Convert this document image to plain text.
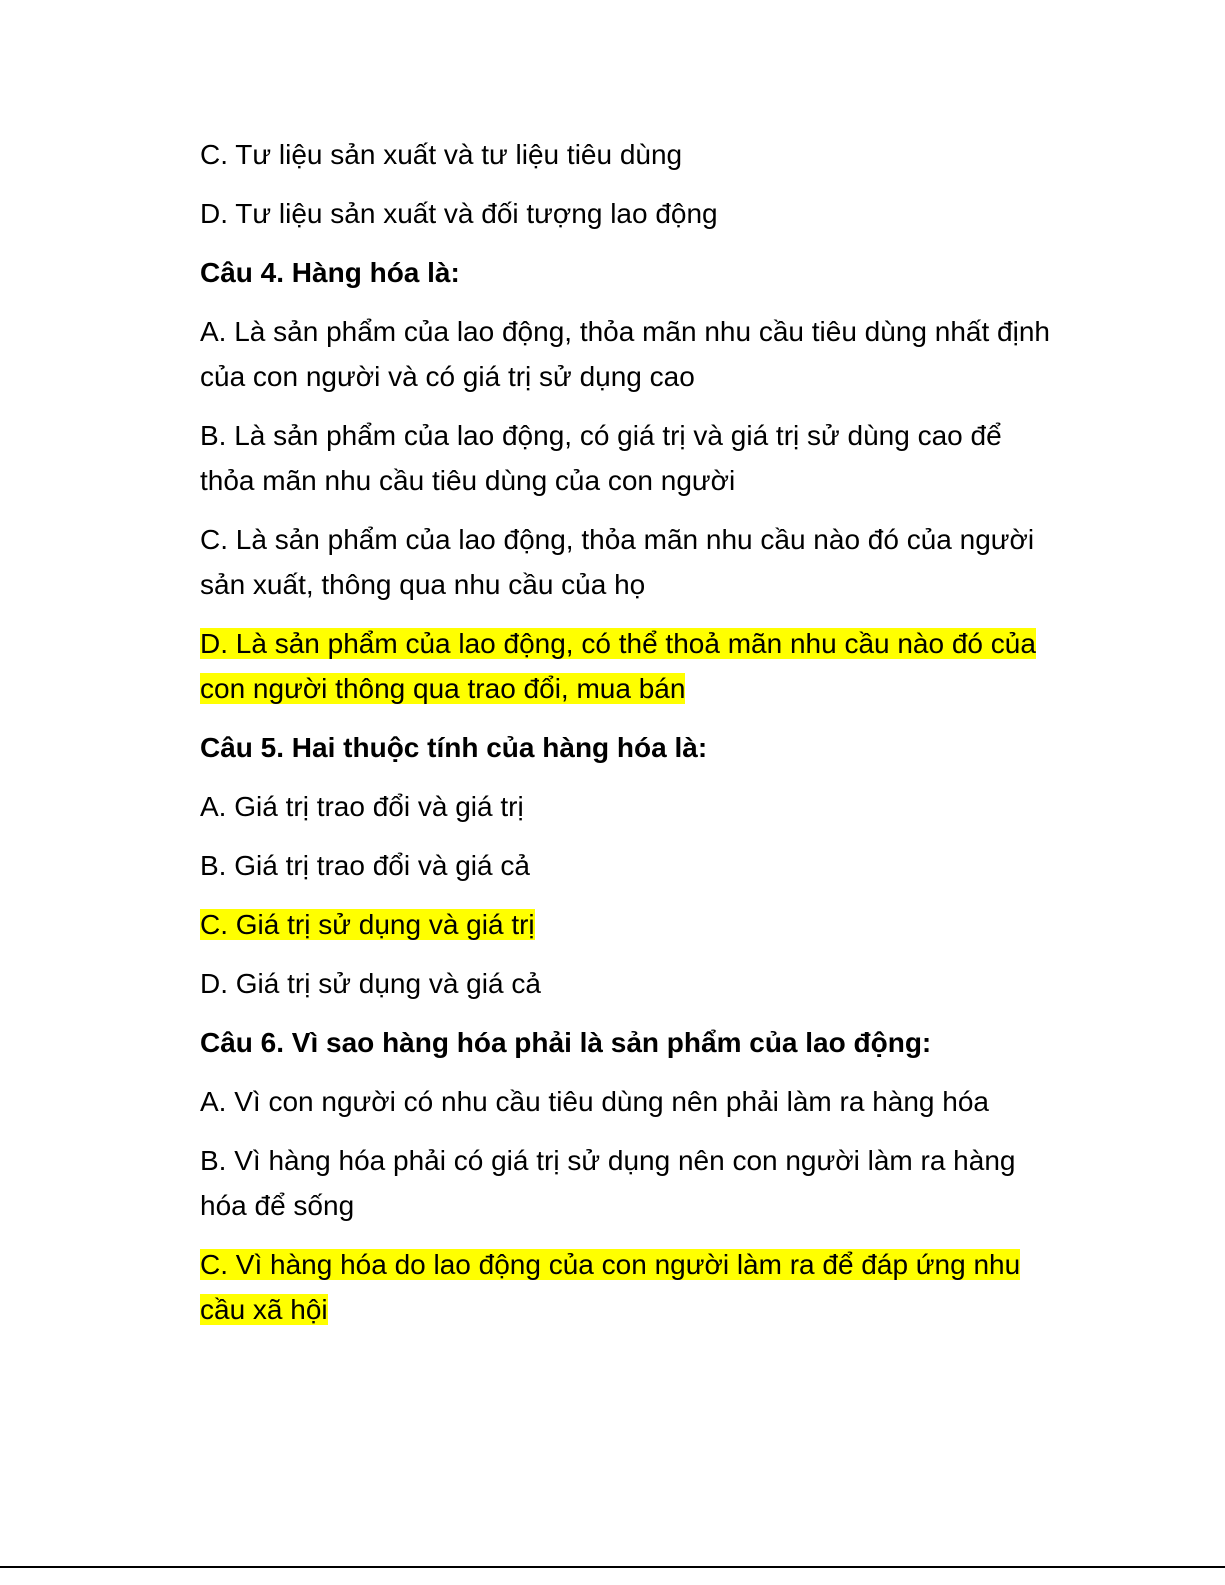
C. Tư liệu sản xuất và tư liệu tiêu dùng

D. Tư liệu sản xuất và đối tượng lao động

Câu 4. Hàng hóa là:

A. Là sản phẩm của lao động, thỏa mãn nhu cầu tiêu dùng nhất định của con người và có giá trị sử dụng cao

B. Là sản phẩm của lao động, có giá trị và giá trị sử dùng cao để thỏa mãn nhu cầu tiêu dùng của con người

C. Là sản phẩm của lao động, thỏa mãn nhu cầu nào đó của người sản xuất, thông qua nhu cầu của họ

D. Là sản phẩm của lao động, có thể thoả mãn nhu cầu nào đó của con người thông qua trao đổi, mua bán

Câu 5. Hai thuộc tính của hàng hóa là:

A. Giá trị trao đổi và giá trị

B. Giá trị trao đổi và giá cả

C. Giá trị sử dụng và giá trị

D. Giá trị sử dụng và giá cả

Câu 6. Vì sao hàng hóa phải là sản phẩm của lao động:

A. Vì con người có nhu cầu tiêu dùng nên phải làm ra hàng hóa

B. Vì hàng hóa phải có giá trị sử dụng nên con người làm ra hàng hóa để sống

C. Vì hàng hóa do lao động của con người làm ra để đáp ứng nhu cầu xã hội
